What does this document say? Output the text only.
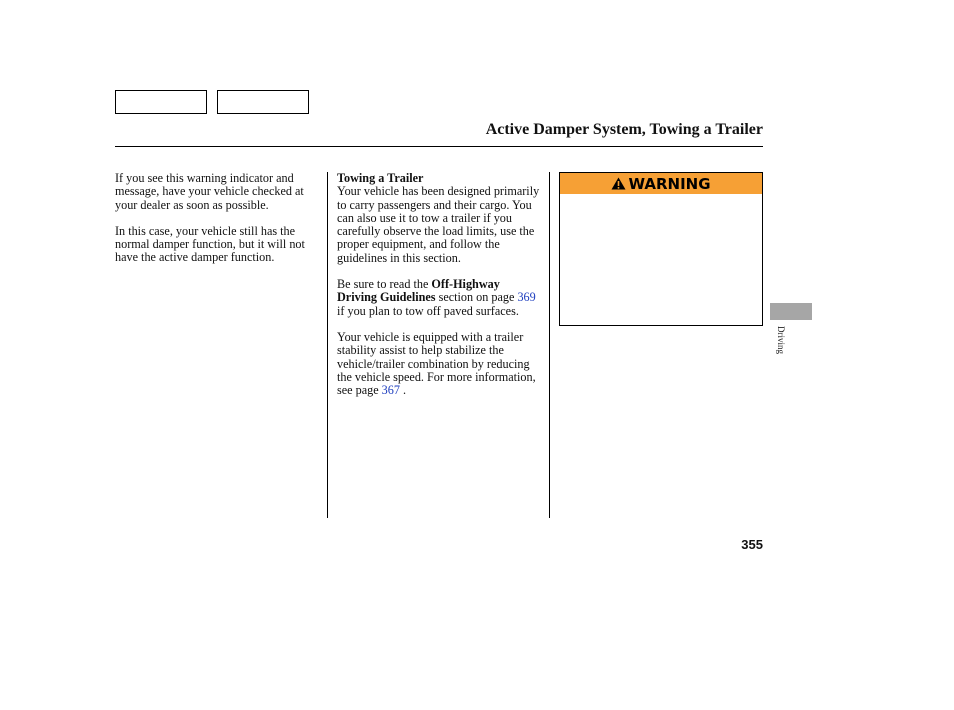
Active Damper System, Towing a Trailer

If you see this warning indicator and message, have your vehicle checked at your dealer as soon as possible.

In this case, your vehicle still has the normal damper function, but it will not have the active damper function.

Towing a Trailer
Your vehicle has been designed primarily to carry passengers and their cargo. You can also use it to tow a trailer if you carefully observe the load limits, use the proper equipment, and follow the guidelines in this section.

Be sure to read the Off-Highway Driving Guidelines section on page 369 if you plan to tow off paved surfaces.

Your vehicle is equipped with a trailer stability assist to help stabilize the vehicle/trailer combination by reducing the vehicle speed. For more information, see page 367 .

WARNING
Driving
355
